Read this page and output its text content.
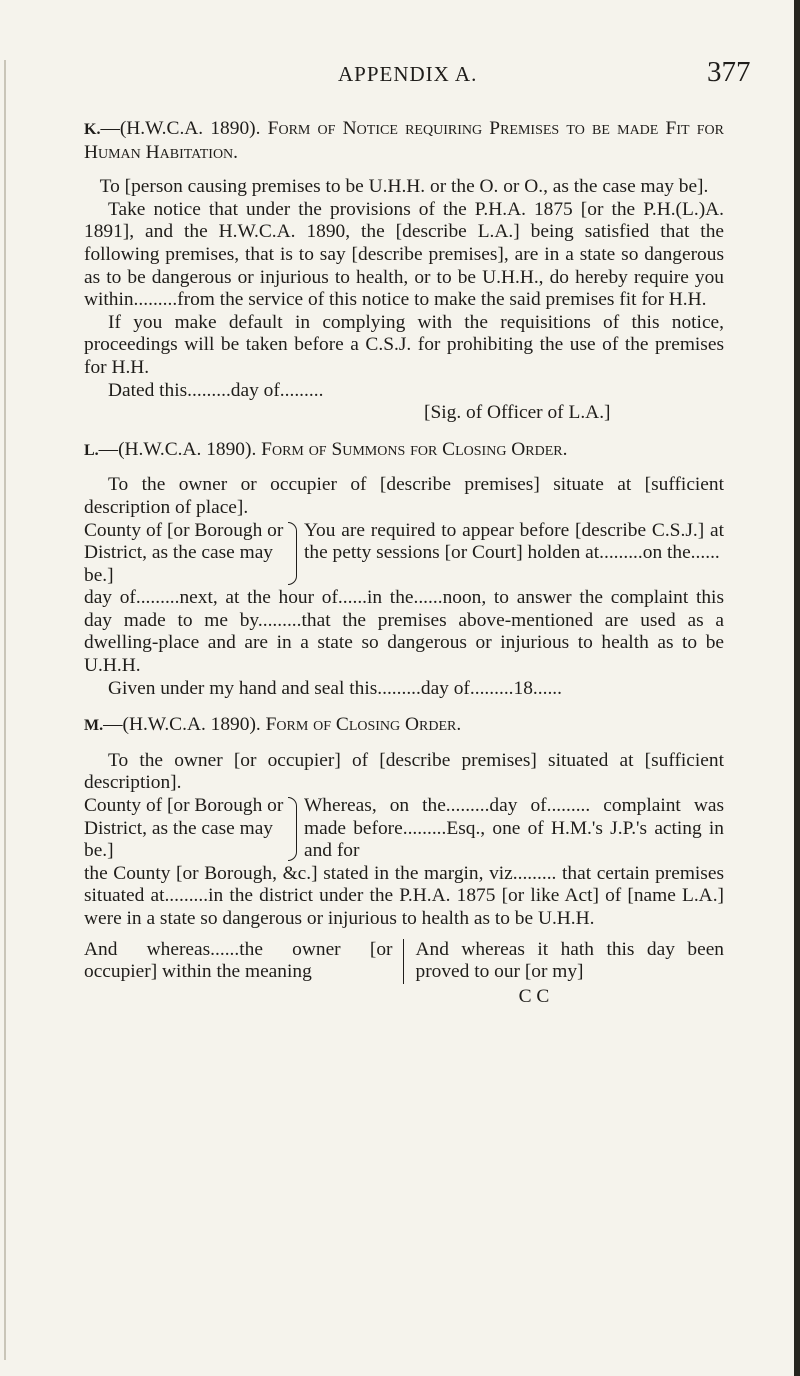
APPENDIX A.	377

K.—(H.W.C.A. 1890). Form of Notice requiring Premises to be made Fit for Human Habitation.

To [person causing premises to be U.H.H. or the O. or O., as the case may be].

Take notice that under the provisions of the P.H.A. 1875 [or the P.H.(L.)A. 1891], and the H.W.C.A. 1890, the [describe L.A.] being satisfied that the following premises, that is to say [describe premises], are in a state so dangerous as to be dangerous or injurious to health, or to be U.H.H., do hereby require you within.........from the service of this notice to make the said premises fit for H.H.

If you make default in complying with the requisitions of this notice, proceedings will be taken before a C.S.J. for prohibiting the use of the premises for H.H.

Dated this.........day of.........

[Sig. of Officer of L.A.]

L.—(H.W.C.A. 1890). Form of Summons for Closing Order.

To the owner or occupier of [describe premises] situate at [sufficient description of place].

County of [or Borough or District, as the case may be.]
You are required to appear before [describe C.S.J.] at the petty sessions [or Court] holden at.........on the......

day of.........next, at the hour of......in the......noon, to answer the complaint this day made to me by.........that the premises above-mentioned are used as a dwelling-place and are in a state so dangerous or injurious to health as to be U.H.H.

Given under my hand and seal this.........day of.........18......

M.—(H.W.C.A. 1890). Form of Closing Order.

To the owner [or occupier] of [describe premises] situated at [sufficient description].

County of [or Borough or District, as the case may be.]
Whereas, on the.........day of......... complaint was made before.........Esq., one of H.M.'s J.P.'s acting in and for

the County [or Borough, &c.] stated in the margin, viz......... that certain premises situated at.........in the district under the P.H.A. 1875 [or like Act] of [name L.A.] were in a state so dangerous or injurious to health as to be U.H.H.

And whereas......the owner [or occupier] within the meaning
And whereas it hath this day been proved to our [or my]

C C
